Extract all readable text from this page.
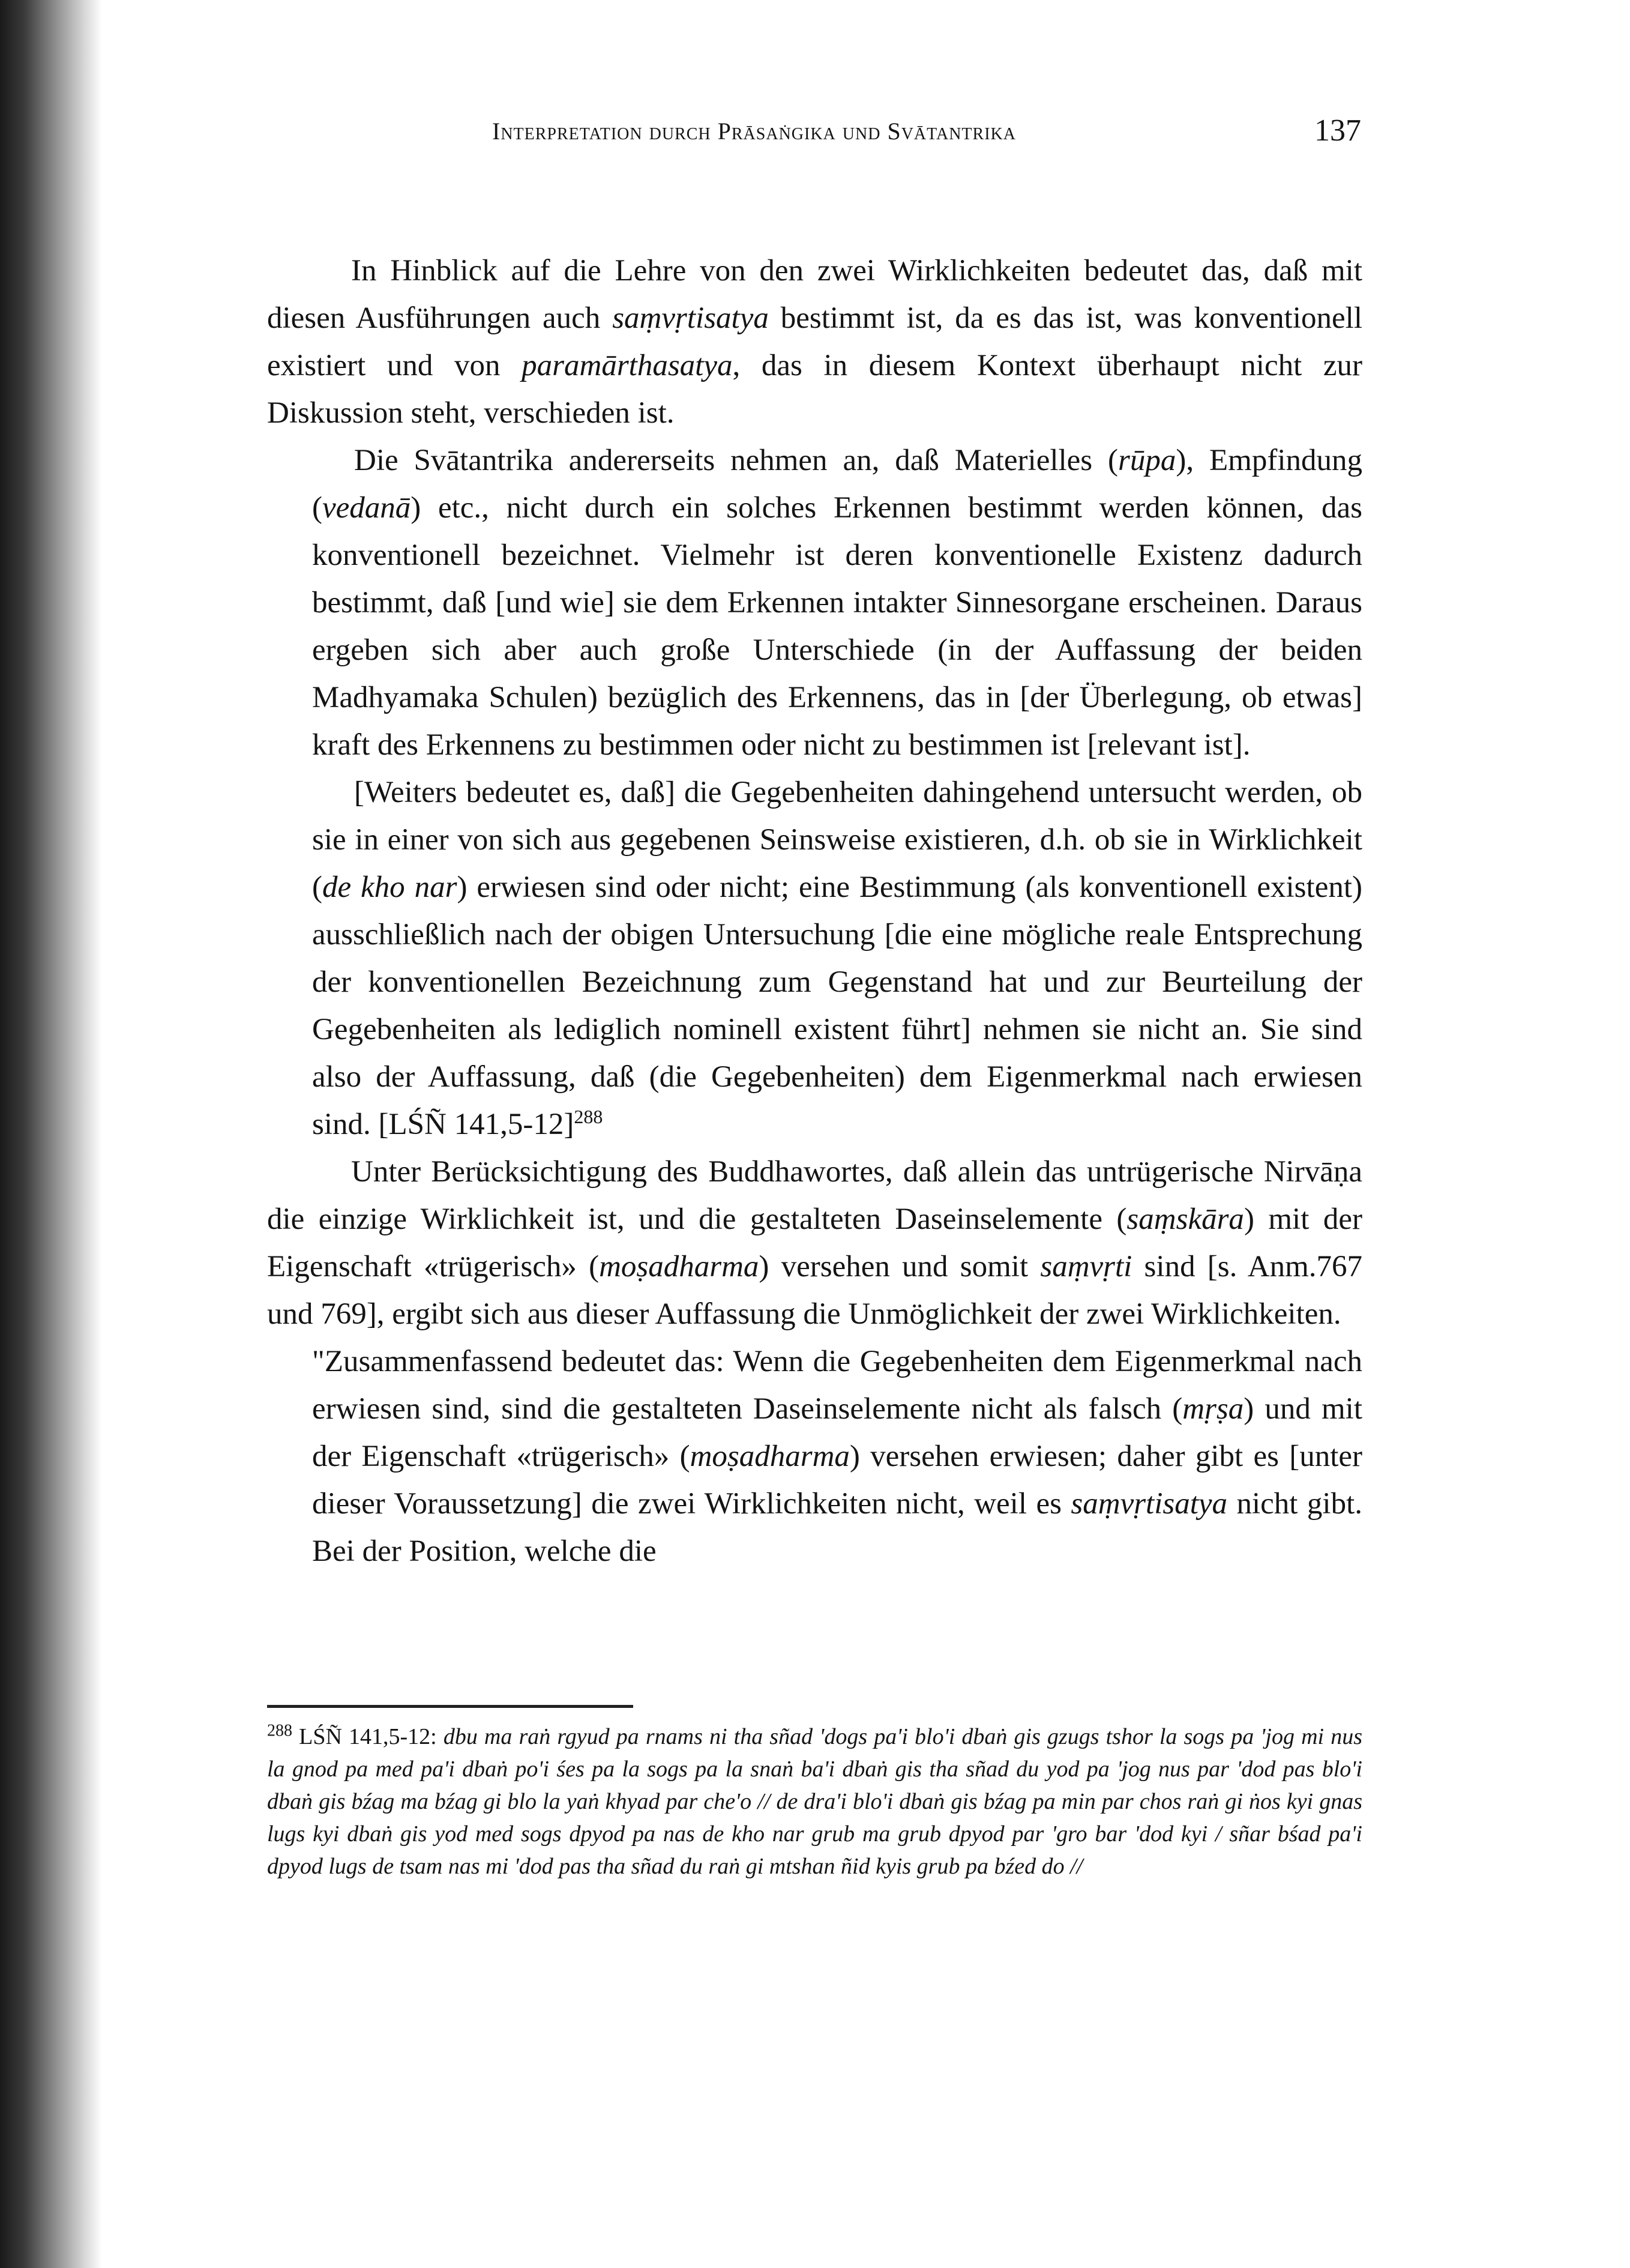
Interpretation durch Prāsaṅgika und Svātantrika	137

In Hinblick auf die Lehre von den zwei Wirklichkeiten bedeutet das, daß mit diesen Ausführungen auch saṃvṛtisatya bestimmt ist, da es das ist, was konventionell existiert und von paramārthasatya, das in diesem Kontext überhaupt nicht zur Diskussion steht, verschieden ist.

Die Svātantrika andererseits nehmen an, daß Materielles (rūpa), Empfindung (vedanā) etc., nicht durch ein solches Erkennen bestimmt werden können, das konventionell bezeichnet. Vielmehr ist deren konventionelle Existenz dadurch bestimmt, daß [und wie] sie dem Erkennen intakter Sinnesorgane erscheinen. Daraus ergeben sich aber auch große Unterschiede (in der Auffassung der beiden Madhyamaka Schulen) bezüglich des Erkennens, das in [der Überlegung, ob etwas] kraft des Erkennens zu bestimmen oder nicht zu bestimmen ist [relevant ist].

[Weiters bedeutet es, daß] die Gegebenheiten dahingehend untersucht werden, ob sie in einer von sich aus gegebenen Seinsweise existieren, d.h. ob sie in Wirklichkeit (de kho nar) erwiesen sind oder nicht; eine Bestimmung (als konventionell existent) ausschließlich nach der obigen Untersuchung [die eine mögliche reale Entsprechung der konventionellen Bezeichnung zum Gegenstand hat und zur Beurteilung der Gegebenheiten als lediglich nominell existent führt] nehmen sie nicht an. Sie sind also der Auffassung, daß (die Gegebenheiten) dem Eigenmerkmal nach erwiesen sind. [LŚÑ 141,5-12]$^{288}$

Unter Berücksichtigung des Buddhawortes, daß allein das untrügerische Nirvāṇa die einzige Wirklichkeit ist, und die gestalteten Daseinselemente (saṃskāra) mit der Eigenschaft «trügerisch» (moṣadharma) versehen und somit saṃvṛti sind [s. Anm.767 und 769], ergibt sich aus dieser Auffassung die Unmöglichkeit der zwei Wirklichkeiten.

"Zusammenfassend bedeutet das: Wenn die Gegebenheiten dem Eigenmerkmal nach erwiesen sind, sind die gestalteten Daseinselemente nicht als falsch (mṛṣa) und mit der Eigenschaft «trügerisch» (moṣadharma) versehen erwiesen; daher gibt es [unter dieser Voraussetzung] die zwei Wirklichkeiten nicht, weil es saṃvṛtisatya nicht gibt. Bei der Position, welche die

$^{288}$ LŚÑ 141,5-12: dbu ma raṅ rgyud pa rnams ni tha sñad 'dogs pa'i blo'i dbaṅ gis gzugs tshor la sogs pa 'jog mi nus la gnod pa med pa'i dbaṅ po'i śes pa la sogs pa la snaṅ ba'i dbaṅ gis tha sñad du yod pa 'jog nus par 'dod pas blo'i dbaṅ gis bźag ma bźag gi blo la yaṅ khyad par che'o // de dra'i blo'i dbaṅ gis bźag pa min par chos raṅ gi ṅos kyi gnas lugs kyi dbaṅ gis yod med sogs dpyod pa nas de kho nar grub ma grub dpyod par 'gro bar 'dod kyi / sñar bśad pa'i dpyod lugs de tsam nas mi 'dod pas tha sñad du raṅ gi mtshan ñid kyis grub pa bźed do //
